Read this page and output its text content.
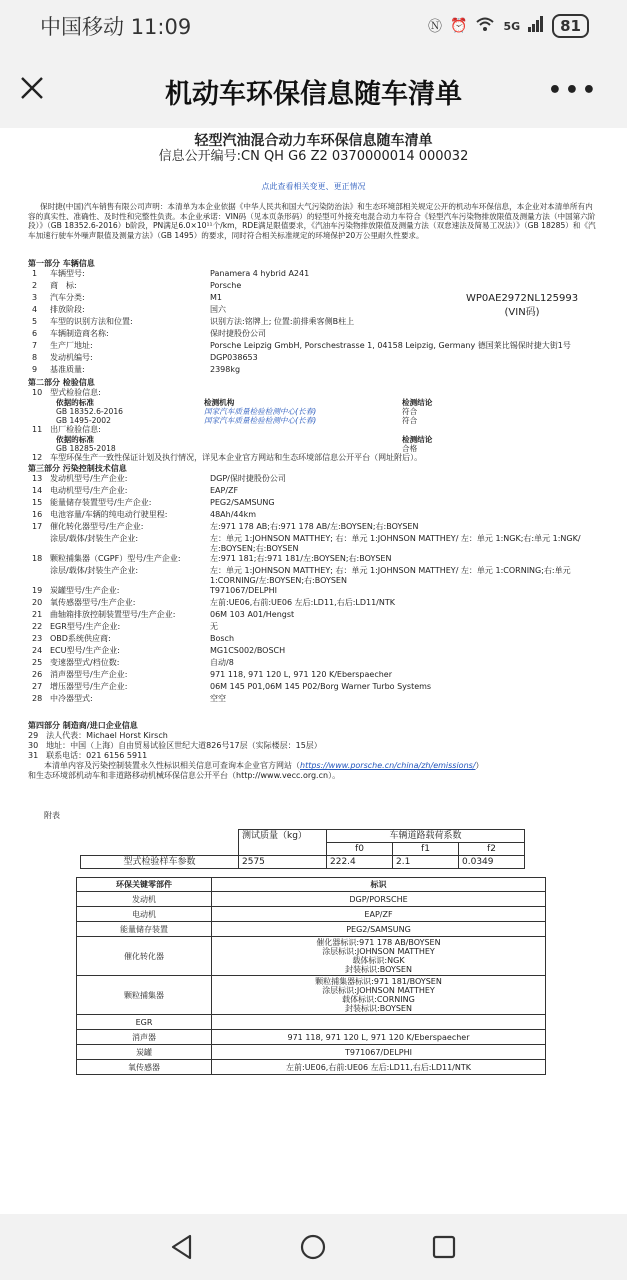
中国移动 11:09	Ⓝ ⏰	5G	81
机动车环保信息随车清单	•••
轻型汽油混合动力车环保信息随车清单
信息公开编号:CN QH G6 Z2 0370000014 000032
点此查看相关变更、更正情况
保时捷(中国)汽车销售有限公司声明：本清单为本企业依据《中华人民共和国大气污染防治法》和生态环境部相关规定公开的机动车环保信息，本企业对本清单所有内容的真实性、准确性、及时性和完整性负责。本企业承诺：VIN码（见本页条形码）的轻型可外接充电混合动力车符合《轻型汽车污染物排放限值及测量方法（中国第六阶段）》（GB 18352.6-2016）b阶段，PN满足6.0×10¹¹个/km，RDE满足限值要求，《汽油车污染物排放限值及测量方法（双怠速法及简易工况法）》（GB 18285）和《汽车加速行驶车外噪声限值及测量方法》（GB 1495）的要求，同时符合相关标准规定的环境保护20万公里耐久性要求。
WP0AE2972NL125993
(VIN码)
第一部分 车辆信息
1	车辆型号:	Panamera 4 hybrid A241
2	商　标:	Porsche
3	汽车分类:	M1
4	排放阶段:	国六
5	车型的识别方法和位置:	识别方法:铭牌上; 位置:前排乘客侧B柱上
6	车辆制造商名称:	保时捷股份公司
7	生产厂地址:	Porsche Leipzig GmbH, Porschestrasse 1, 04158 Leipzig, Germany 德国莱比锡保时捷大街1号
8	发动机编号:	DGP038653
9	基准质量:	2398kg
第二部分 检验信息
10　型式检验信息:
依据的标准	检测机构	检测结论
GB 18352.6-2016	国家汽车质量检验检测中心(长春)	符合
GB 1495-2002	国家汽车质量检验检测中心(长春)	符合
11　出厂检验信息:
依据的标准	检测结论
GB 18285-2018	合格
12　车型环保生产一致性保证计划及执行情况，详见本企业官方网站和生态环境部信息公开平台（网址附后）。
第三部分 污染控制技术信息
13 发动机型号/生产企业:	DGP/保时捷股份公司
14 电动机型号/生产企业:	EAP/ZF
15 能量储存装置型号/生产企业:	PEG2/SAMSUNG
16 电池容量/车辆的纯电动行驶里程:	48Ah/44km
17 催化转化器型号/生产企业:	左:971 178 AB;右:971 178 AB/左:BOYSEN;右:BOYSEN
涂层/载体/封装生产企业:	左：单元 1:JOHNSON MATTHEY; 右：单元 1:JOHNSON MATTHEY/ 左：单元 1:NGK;右:单元 1:NGK/左:BOYSEN;右:BOYSEN
18 颗粒捕集器（CGPF）型号/生产企业:	左:971 181;右:971 181/左:BOYSEN;右:BOYSEN
涂层/载体/封装生产企业:	左：单元 1:JOHNSON MATTHEY; 右：单元 1:JOHNSON MATTHEY/ 左：单元 1:CORNING;右:单元1:CORNING/左:BOYSEN;右:BOYSEN
19 炭罐型号/生产企业:	T971067/DELPHI
20 氧传感器型号/生产企业:	左前:UE06,右前:UE06 左后:LD11,右后:LD11/NTK
21 曲轴箱排放控制装置型号/生产企业:	06M 103 A01/Hengst
22 EGR型号/生产企业:	无
23 OBD系统供应商:	Bosch
24 ECU型号/生产企业:	MG1CS002/BOSCH
25 变速器型式/档位数:	自动/8
26 消声器型号/生产企业:	971 118, 971 120 L, 971 120 K/Eberspaecher
27 增压器型号/生产企业:	06M 145 P01,06M 145 P02/Borg Warner Turbo Systems
28 中冷器型式:	空空
第四部分 制造商/进口企业信息
29　法人代表：Michael Horst Kirsch
30　地址：中国（上海）自由贸易试验区世纪大道826号17层（实际楼层：15层）
31　联系电话：021 6156 5911
本清单内容及污染控制装置永久性标识相关信息可查询本企业官方网站（https://www.porsche.cn/china/zh/emissions/）
和生态环境部机动车和非道路移动机械环保信息公开平台（http://www.vecc.org.cn）。
附表
	测试质量（kg）	车辆道路载荷系数		
		f0	f1	f2
型式检验样车参数	2575	222.4	2.1	0.0349
环保关键零部件	标识
发动机	DGP/PORSCHE
电动机	EAP/ZF
能量储存装置	PEG2/SAMSUNG
催化转化器	催化器标识:971 178 AB/BOYSEN
涂层标识:JOHNSON MATTHEY
载体标识:NGK
封装标识:BOYSEN
颗粒捕集器	颗粒捕集器标识:971 181/BOYSEN
涂层标识:JOHNSON MATTHEY
载体标识:CORNING
封装标识:BOYSEN
EGR	
消声器	971 118, 971 120 L, 971 120 K/Eberspaecher
炭罐	T971067/DELPHI
氧传感器	左前:UE06,右前:UE06 左后:LD11,右后:LD11/NTK
